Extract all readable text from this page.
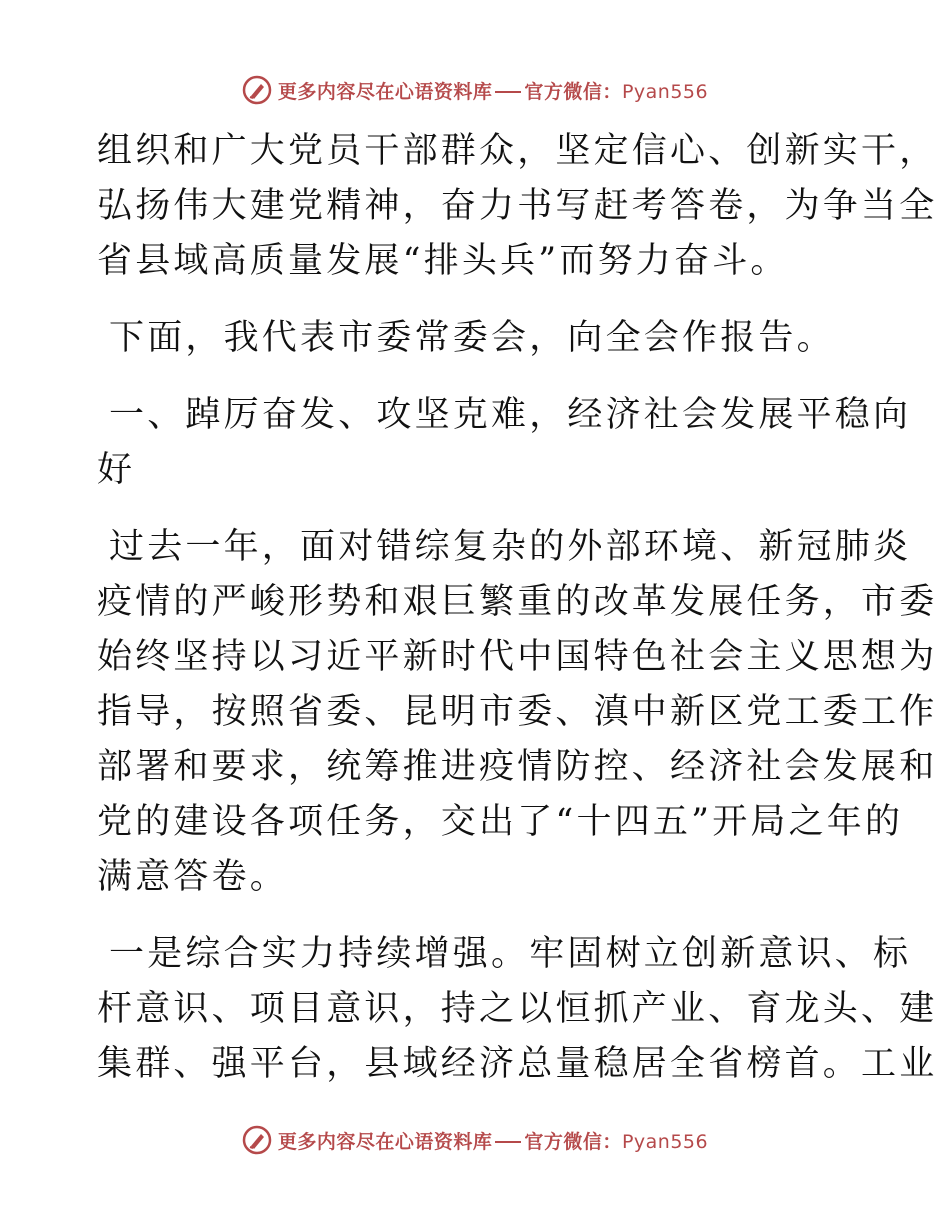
更多内容尽在心语资料库 官方微信：Pyan556

组织和广大党员干部群众，坚定信心、创新实干，
弘扬伟大建党精神，奋力书写赶考答卷，为争当全
省县域高质量发展“排头兵”而努力奋斗。

下面，我代表市委常委会，向全会作报告。

一、踔厉奋发、攻坚克难，经济社会发展平稳向
好

过去一年，面对错综复杂的外部环境、新冠肺炎
疫情的严峻形势和艰巨繁重的改革发展任务，市委
始终坚持以习近平新时代中国特色社会主义思想为
指导，按照省委、昆明市委、滇中新区党工委工作
部署和要求，统筹推进疫情防控、经济社会发展和
党的建设各项任务，交出了“十四五”开局之年的
满意答卷。

一是综合实力持续增强。牢固树立创新意识、标
杆意识、项目意识，持之以恒抓产业、育龙头、建
集群、强平台，县域经济总量稳居全省榜首。工业

更多内容尽在心语资料库 官方微信：Pyan556
